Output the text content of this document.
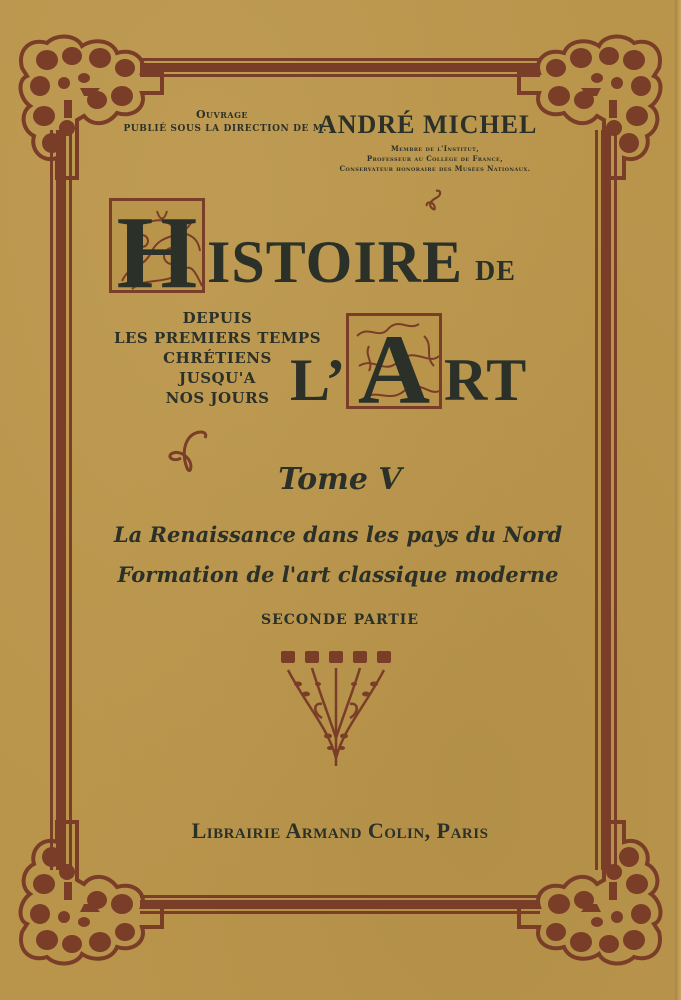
Ouvrage
PUBLIÉ SOUS LA DIRECTION DE M.
ANDRÉ MICHEL
Membre de l'Institut,
Professeur au Collège de France,
Conservateur honoraire des Musées Nationaux.
H ISTOIRE DE
DEPUIS
LES PREMIERS TEMPS
CHRÉTIENS
JUSQU'A
NOS JOURS L’ A RT
Tome V
La Renaissance dans les pays du Nord
Formation de l'art classique moderne
SECONDE PARTIE
Librairie Armand Colin, Paris
